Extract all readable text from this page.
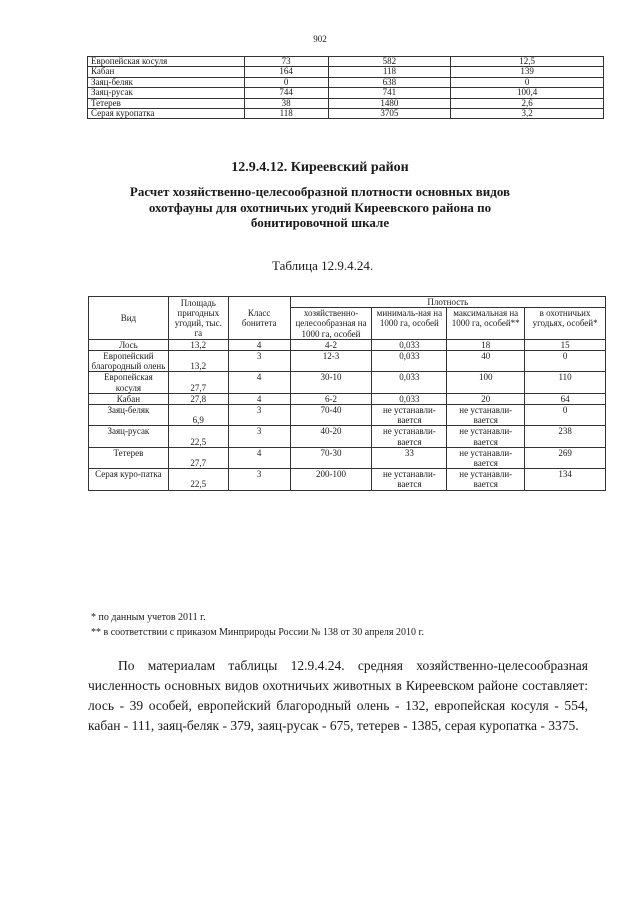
902
Европейская косуля	73	582	12,5
Кабан	164	118	139
Заяц-беляк	0	638	0
Заяц-русак	744	741	100,4
Тетерев	38	1480	2,6
Серая куропатка	118	3705	3,2
12.9.4.12. Киреевский район
Расчет хозяйственно-целесообразной плотности основных видов охотфауны для охотничьих угодий Киреевского района по бонитировочной шкале
Таблица 12.9.4.24.
Вид	Площадь пригодных угодий, тыс. га	Класс бонитета	Плотность			
			хозяйственно-целесообразная на 1000 га, особей	минималь-ная на 1000 га, особей	максимальная на 1000 га, особей**	в охотничьих угодьях, особей*
Лось	13,2	4	4-2	0,033	18	15
Европейский благородный олень	13,2	3	12-3	0,033	40	0
Европейская косуля	27,7	4	30-10	0,033	100	110
Кабан	27,8	4	6-2	0,033	20	64
Заяц-беляк	6,9	3	70-40	не устанавли-вается	не устанавли-вается	0
Заяц-русак	22,5	3	40-20	не устанавли-вается	не устанавли-вается	238
Тетерев	27,7	4	70-30	33	не устанавли-вается	269
Серая куро-патка	22,5	3	200-100	не устанавли-вается	не устанавли-вается	134
* по данным учетов 2011 г.
** в соответствии с приказом Минприроды России № 138 от 30 апреля 2010 г.
По материалам таблицы 12.9.4.24. средняя хозяйственно-целесообразная численность основных видов охотничьих животных в Киреевском районе составляет: лось - 39 особей, европейский благородный олень - 132, европейская косуля - 554, кабан - 111, заяц-беляк - 379, заяц-русак - 675, тетерев - 1385, серая куропатка - 3375.
